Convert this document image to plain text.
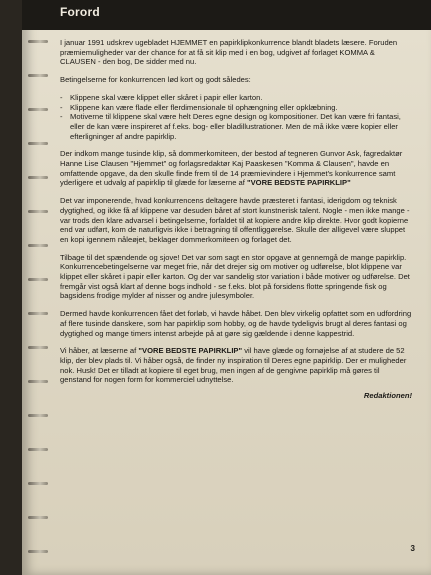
Forord

I januar 1991 udskrev ugebladet HJEMMET en papirklipkonkurrence blandt bladets læsere. Foruden præmiemuligheder var der chance for at få sit klip med i en bog, udgivet af forlaget KOMMA & CLAUSEN - den bog, De sidder med nu.

Betingelserne for konkurrencen lød kort og godt således:

- Klippene skal være klippet eller skåret i papir eller karton.
- Klippene kan være flade eller flerdimensionale til ophængning eller opklæbning.
- Motiverne til klippene skal være helt Deres egne design og kompositioner. Det kan være fri fantasi, eller de kan være inspireret af f.eks. bog- eller bladillustrationer. Men de må ikke være kopier eller efterligninger af andre papirklip.

Der indkom mange tusinde klip, så dommerkomiteen, der bestod af tegneren Gunvor Ask, fagredaktør Hanne Lise Clausen "Hjemmet" og forlagsredaktør Kaj Paaskesen "Komma & Clausen", havde en omfattende opgave, da den skulle finde frem til de 14 præmievindere i Hjemmet's konkurrence samt yderligere et udvalg af papirklip til glæde for læserne af "VORE BEDSTE PAPIRKLIP"

Det var imponerende, hvad konkurrencens deltagere havde præsteret i fantasi, iderigdom og teknisk dygtighed, og ikke få af klippene var desuden båret af stort kunstnerisk talent. Nogle - men ikke mange - var trods den klare advarsel i betingelserne, forfaldet til at kopiere andre klip direkte. Hvor godt kopierne end var udført, kom de naturligvis ikke i betragning til offentliggørelse. Skulle der alligevel være sluppet en kopi igennem nåleøjet, beklager dommerkomiteen og forlaget det.

Tilbage til det spændende og sjove! Det var som sagt en stor opgave at gennemgå de mange papirklip. Konkurrencebetingelserne var meget frie, når det drejer sig om motiver og udførelse, blot klippene var klippet eller skåret i papir eller karton. Og der var sandelig stor variation i både motiver og udførelse. Det fremgår vist også klart af denne bogs indhold - se f.eks. blot på forsidens flotte springende fisk og bagsidens frodige mylder af nisser og andre julesymboler.

Dermed havde konkurrencen fået det forløb, vi havde håbet. Den blev virkelig opfattet som en udfordring af flere tusinde danskere, som har papirklip som hobby, og de havde tydeligvis brugt al deres fantasi og dygtighed og mange timers intenst arbejde på at gøre sig gældende i denne kappestrid.

Vi håber, at læserne af "VORE BEDSTE PAPIRKLIP" vil have glæde og fornøjelse af at studere de 52 klip, der blev plads til. Vi håber også, de finder ny inspiration til Deres egne papirklip. Der er muligheder nok. Husk! Det er tilladt at kopiere til eget brug, men ingen af de gengivne papirklip må gøres til genstand for nogen form for kommerciel udnyttelse.

Redaktionen!
3
